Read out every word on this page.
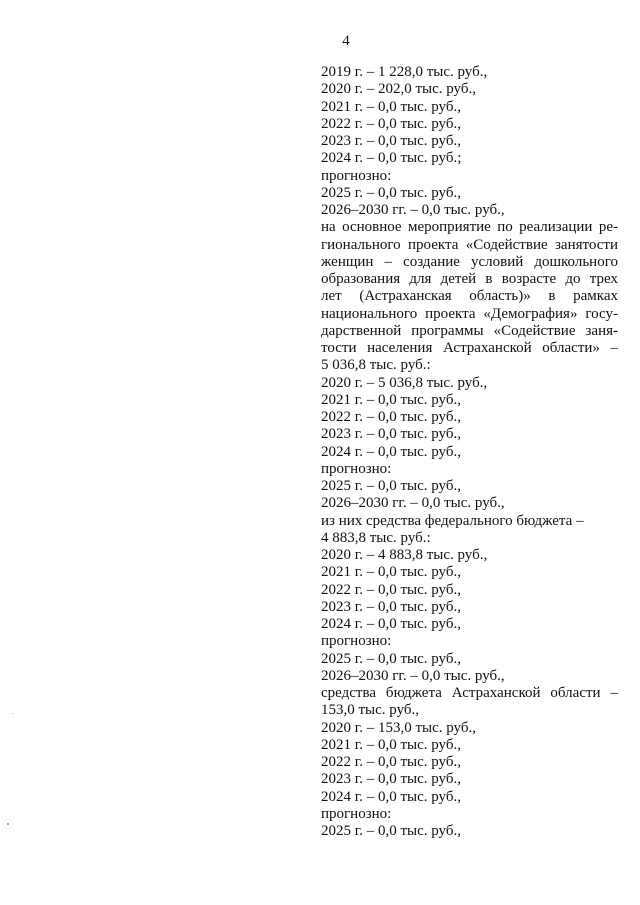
4
2019 г. – 1 228,0 тыс. руб.,
2020 г. – 202,0 тыс. руб.,
2021 г. – 0,0 тыс. руб.,
2022 г. – 0,0 тыс. руб.,
2023 г. – 0,0 тыс. руб.,
2024 г. – 0,0 тыс. руб.;
прогнозно:
2025 г. – 0,0 тыс. руб.,
2026–2030 гг. – 0,0 тыс. руб.,
на основное мероприятие по реализации ре-
гионального проекта «Содействие занятости
женщин – создание условий дошкольного
образования для детей в возрасте до трех
лет (Астраханская область)» в рамках
национального проекта «Демография» госу-
дарственной программы «Содействие заня-
тости населения Астраханской области» –
5 036,8 тыс. руб.:
2020 г. – 5 036,8 тыс. руб.,
2021 г. – 0,0 тыс. руб.,
2022 г. – 0,0 тыс. руб.,
2023 г. – 0,0 тыс. руб.,
2024 г. – 0,0 тыс. руб.,
прогнозно:
2025 г. – 0,0 тыс. руб.,
2026–2030 гг. – 0,0 тыс. руб.,
из них средства федерального бюджета –
4 883,8 тыс. руб.:
2020 г. – 4 883,8 тыс. руб.,
2021 г. – 0,0 тыс. руб.,
2022 г. – 0,0 тыс. руб.,
2023 г. – 0,0 тыс. руб.,
2024 г. – 0,0 тыс. руб.,
прогнозно:
2025 г. – 0,0 тыс. руб.,
2026–2030 гг. – 0,0 тыс. руб.,
средства бюджета Астраханской области –
153,0 тыс. руб.,
2020 г. – 153,0 тыс. руб.,
2021 г. – 0,0 тыс. руб.,
2022 г. – 0,0 тыс. руб.,
2023 г. – 0,0 тыс. руб.,
2024 г. – 0,0 тыс. руб.,
прогнозно:
2025 г. – 0,0 тыс. руб.,
